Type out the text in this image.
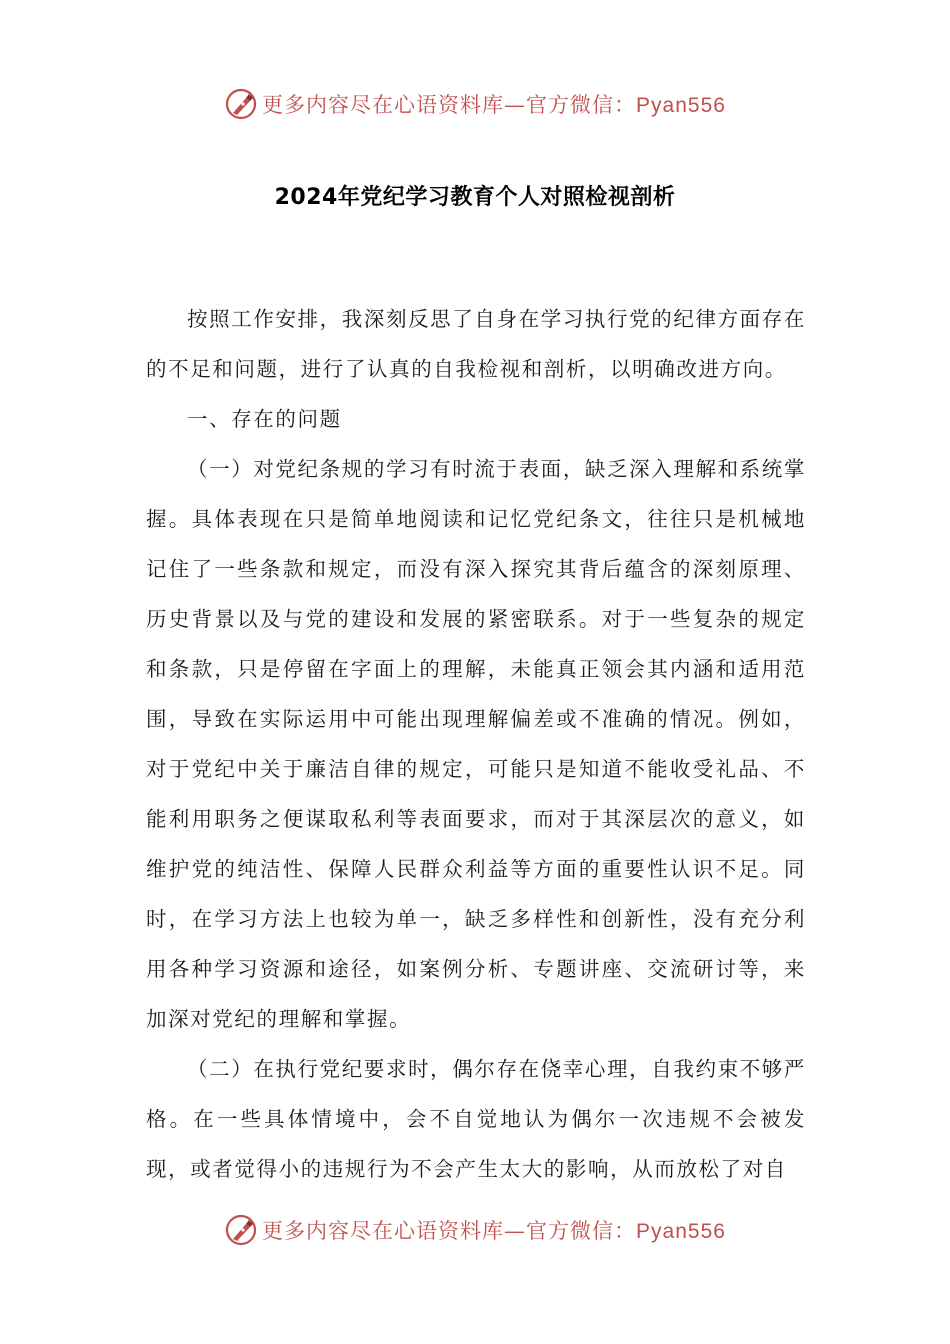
更多内容尽在心语资料库—官方微信：Pyan556
2024年党纪学习教育个人对照检视剖析

按照工作安排，我深刻反思了自身在学习执行党的纪律方面存在的不足和问题，进行了认真的自我检视和剖析，以明确改进方向。

一、存在的问题

（一）对党纪条规的学习有时流于表面，缺乏深入理解和系统掌握。具体表现在只是简单地阅读和记忆党纪条文，往往只是机械地记住了一些条款和规定，而没有深入探究其背后蕴含的深刻原理、历史背景以及与党的建设和发展的紧密联系。对于一些复杂的规定和条款，只是停留在字面上的理解，未能真正领会其内涵和适用范围，导致在实际运用中可能出现理解偏差或不准确的情况。例如，对于党纪中关于廉洁自律的规定，可能只是知道不能收受礼品、不能利用职务之便谋取私利等表面要求，而对于其深层次的意义，如维护党的纯洁性、保障人民群众利益等方面的重要性认识不足。同时，在学习方法上也较为单一，缺乏多样性和创新性，没有充分利用各种学习资源和途径，如案例分析、专题讲座、交流研讨等，来加深对党纪的理解和掌握。

（二）在执行党纪要求时，偶尔存在侥幸心理，自我约束不够严格。在一些具体情境中，会不自觉地认为偶尔一次违规不会被发现，或者觉得小的违规行为不会产生太大的影响，从而放松了对自

更多内容尽在心语资料库—官方微信：Pyan556
